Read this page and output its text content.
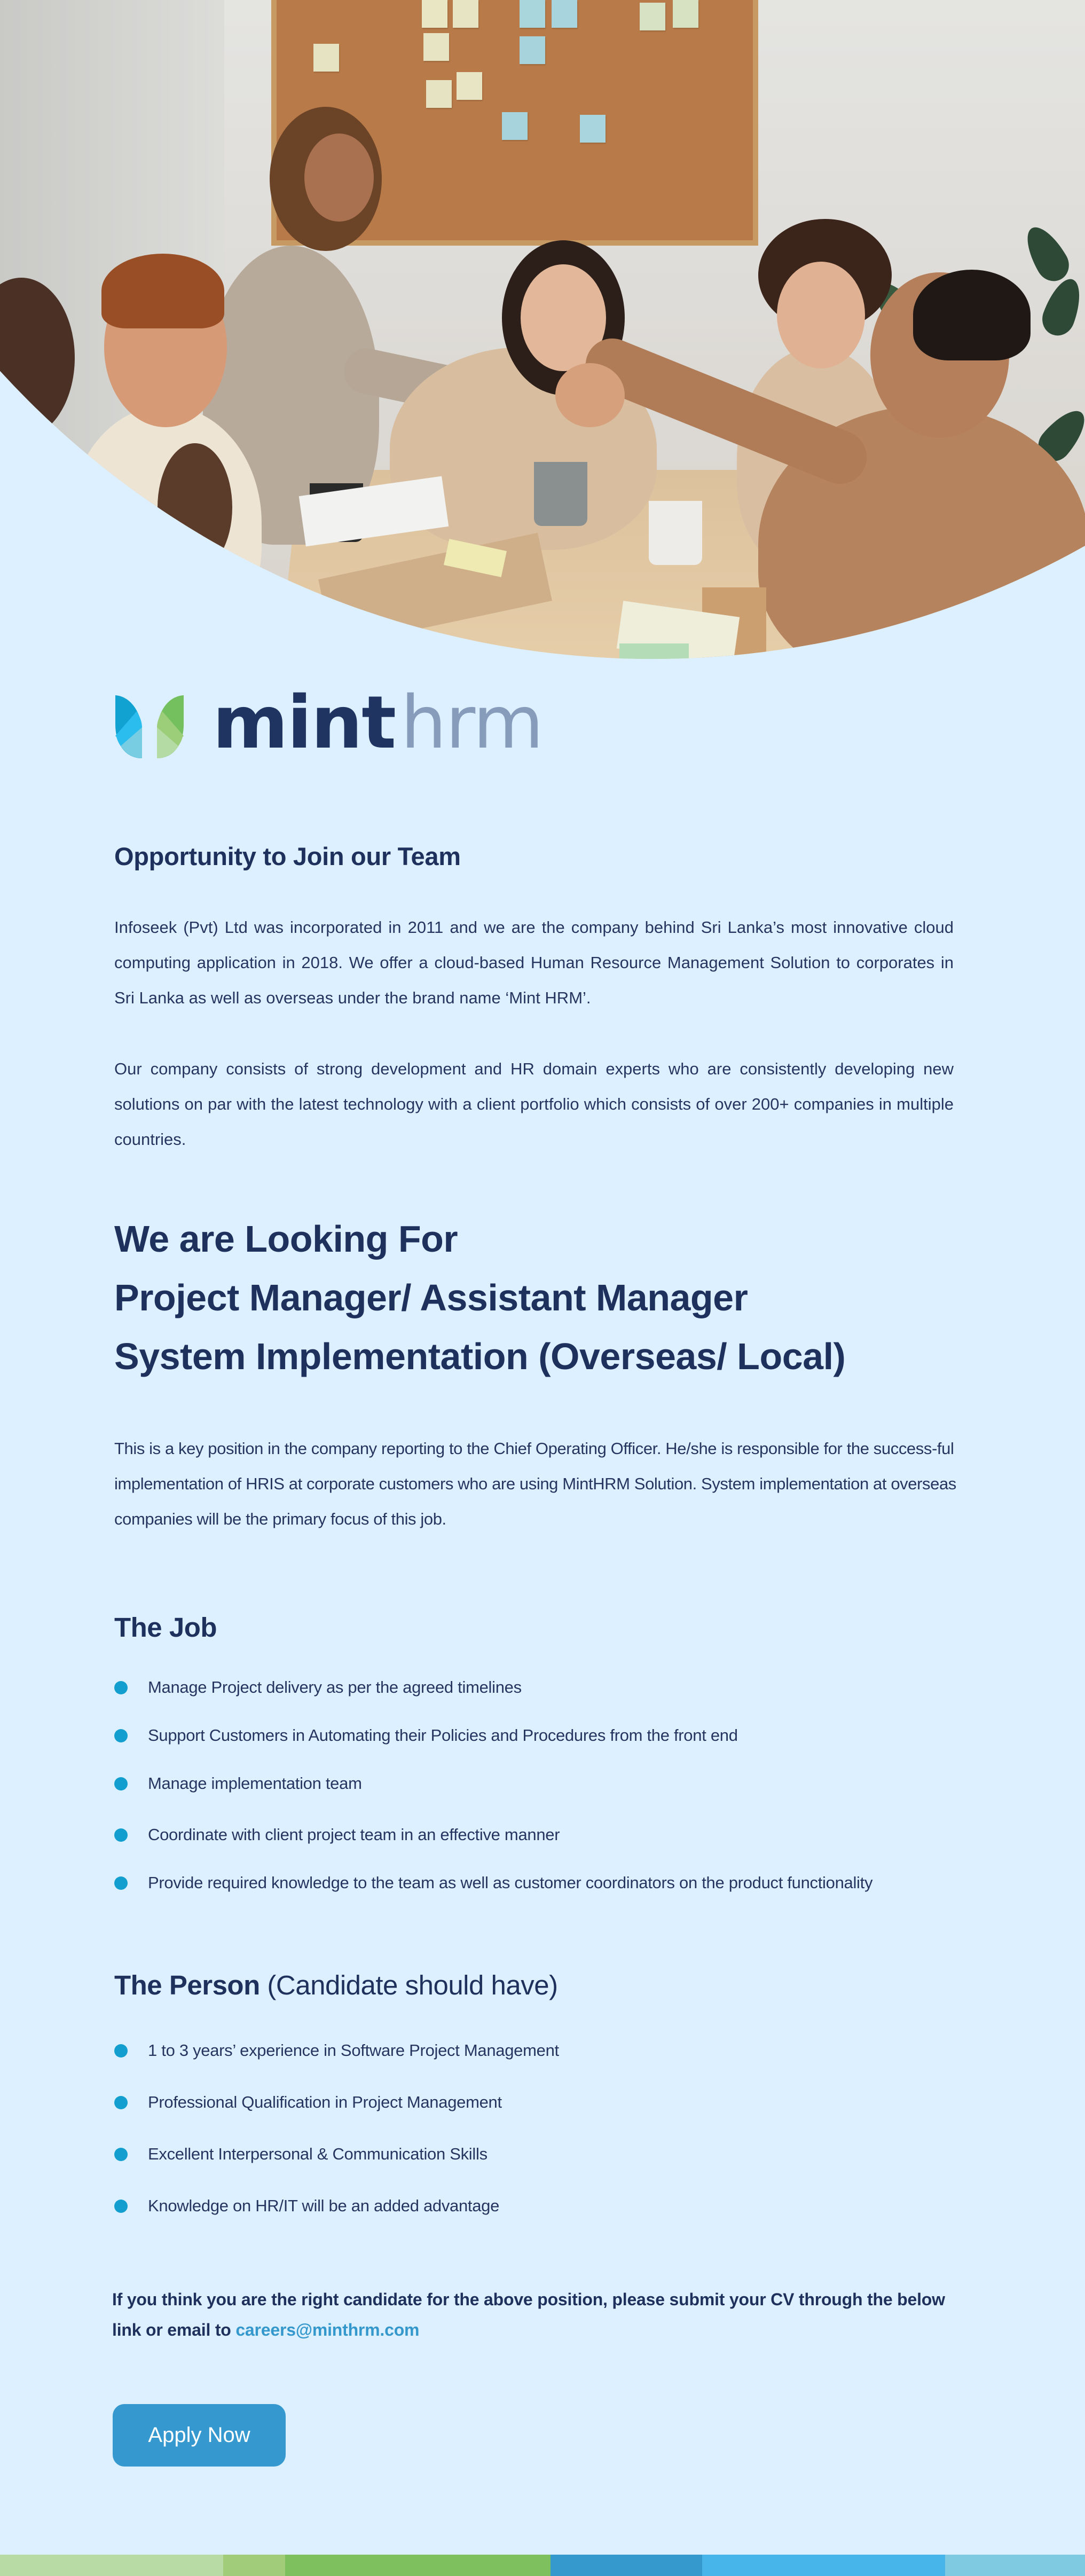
minthrm
Opportunity to Join our Team

Infoseek (Pvt) Ltd was incorporated in 2011 and we are the company behind Sri Lanka’s most innovative cloud computing application in 2018. We offer a cloud-based Human Resource Management Solution to corporates in Sri Lanka as well as overseas under the brand name ‘Mint HRM’.

Our company consists of strong development and HR domain experts who are consistently developing new solutions on par with the latest technology with a client portfolio which consists of over 200+ companies in multiple countries.

We are Looking For
Project Manager/ Assistant Manager
System Implementation (Overseas/ Local)

This is a key position in the company reporting to the Chief Operating Officer. He/she is responsible for the success-ful implementation of HRIS at corporate customers who are using MintHRM Solution. System implementation at overseas companies will be the primary focus of this job.

The Job
Manage Project delivery as per the agreed timelines
Support Customers in Automating their Policies and Procedures from the front end
Manage implementation team
Coordinate with client project team in an effective manner
Provide required knowledge to the team as well as customer coordinators on the product functionality
The Person (Candidate should have)
1 to 3 years’ experience in Software Project Management
Professional Qualification in Project Management
Excellent Interpersonal & Communication Skills
Knowledge on HR/IT will be an added advantage

If you think you are the right candidate for the above position, please submit your CV through the below link or email to careers@minthrm.com

Apply Now
